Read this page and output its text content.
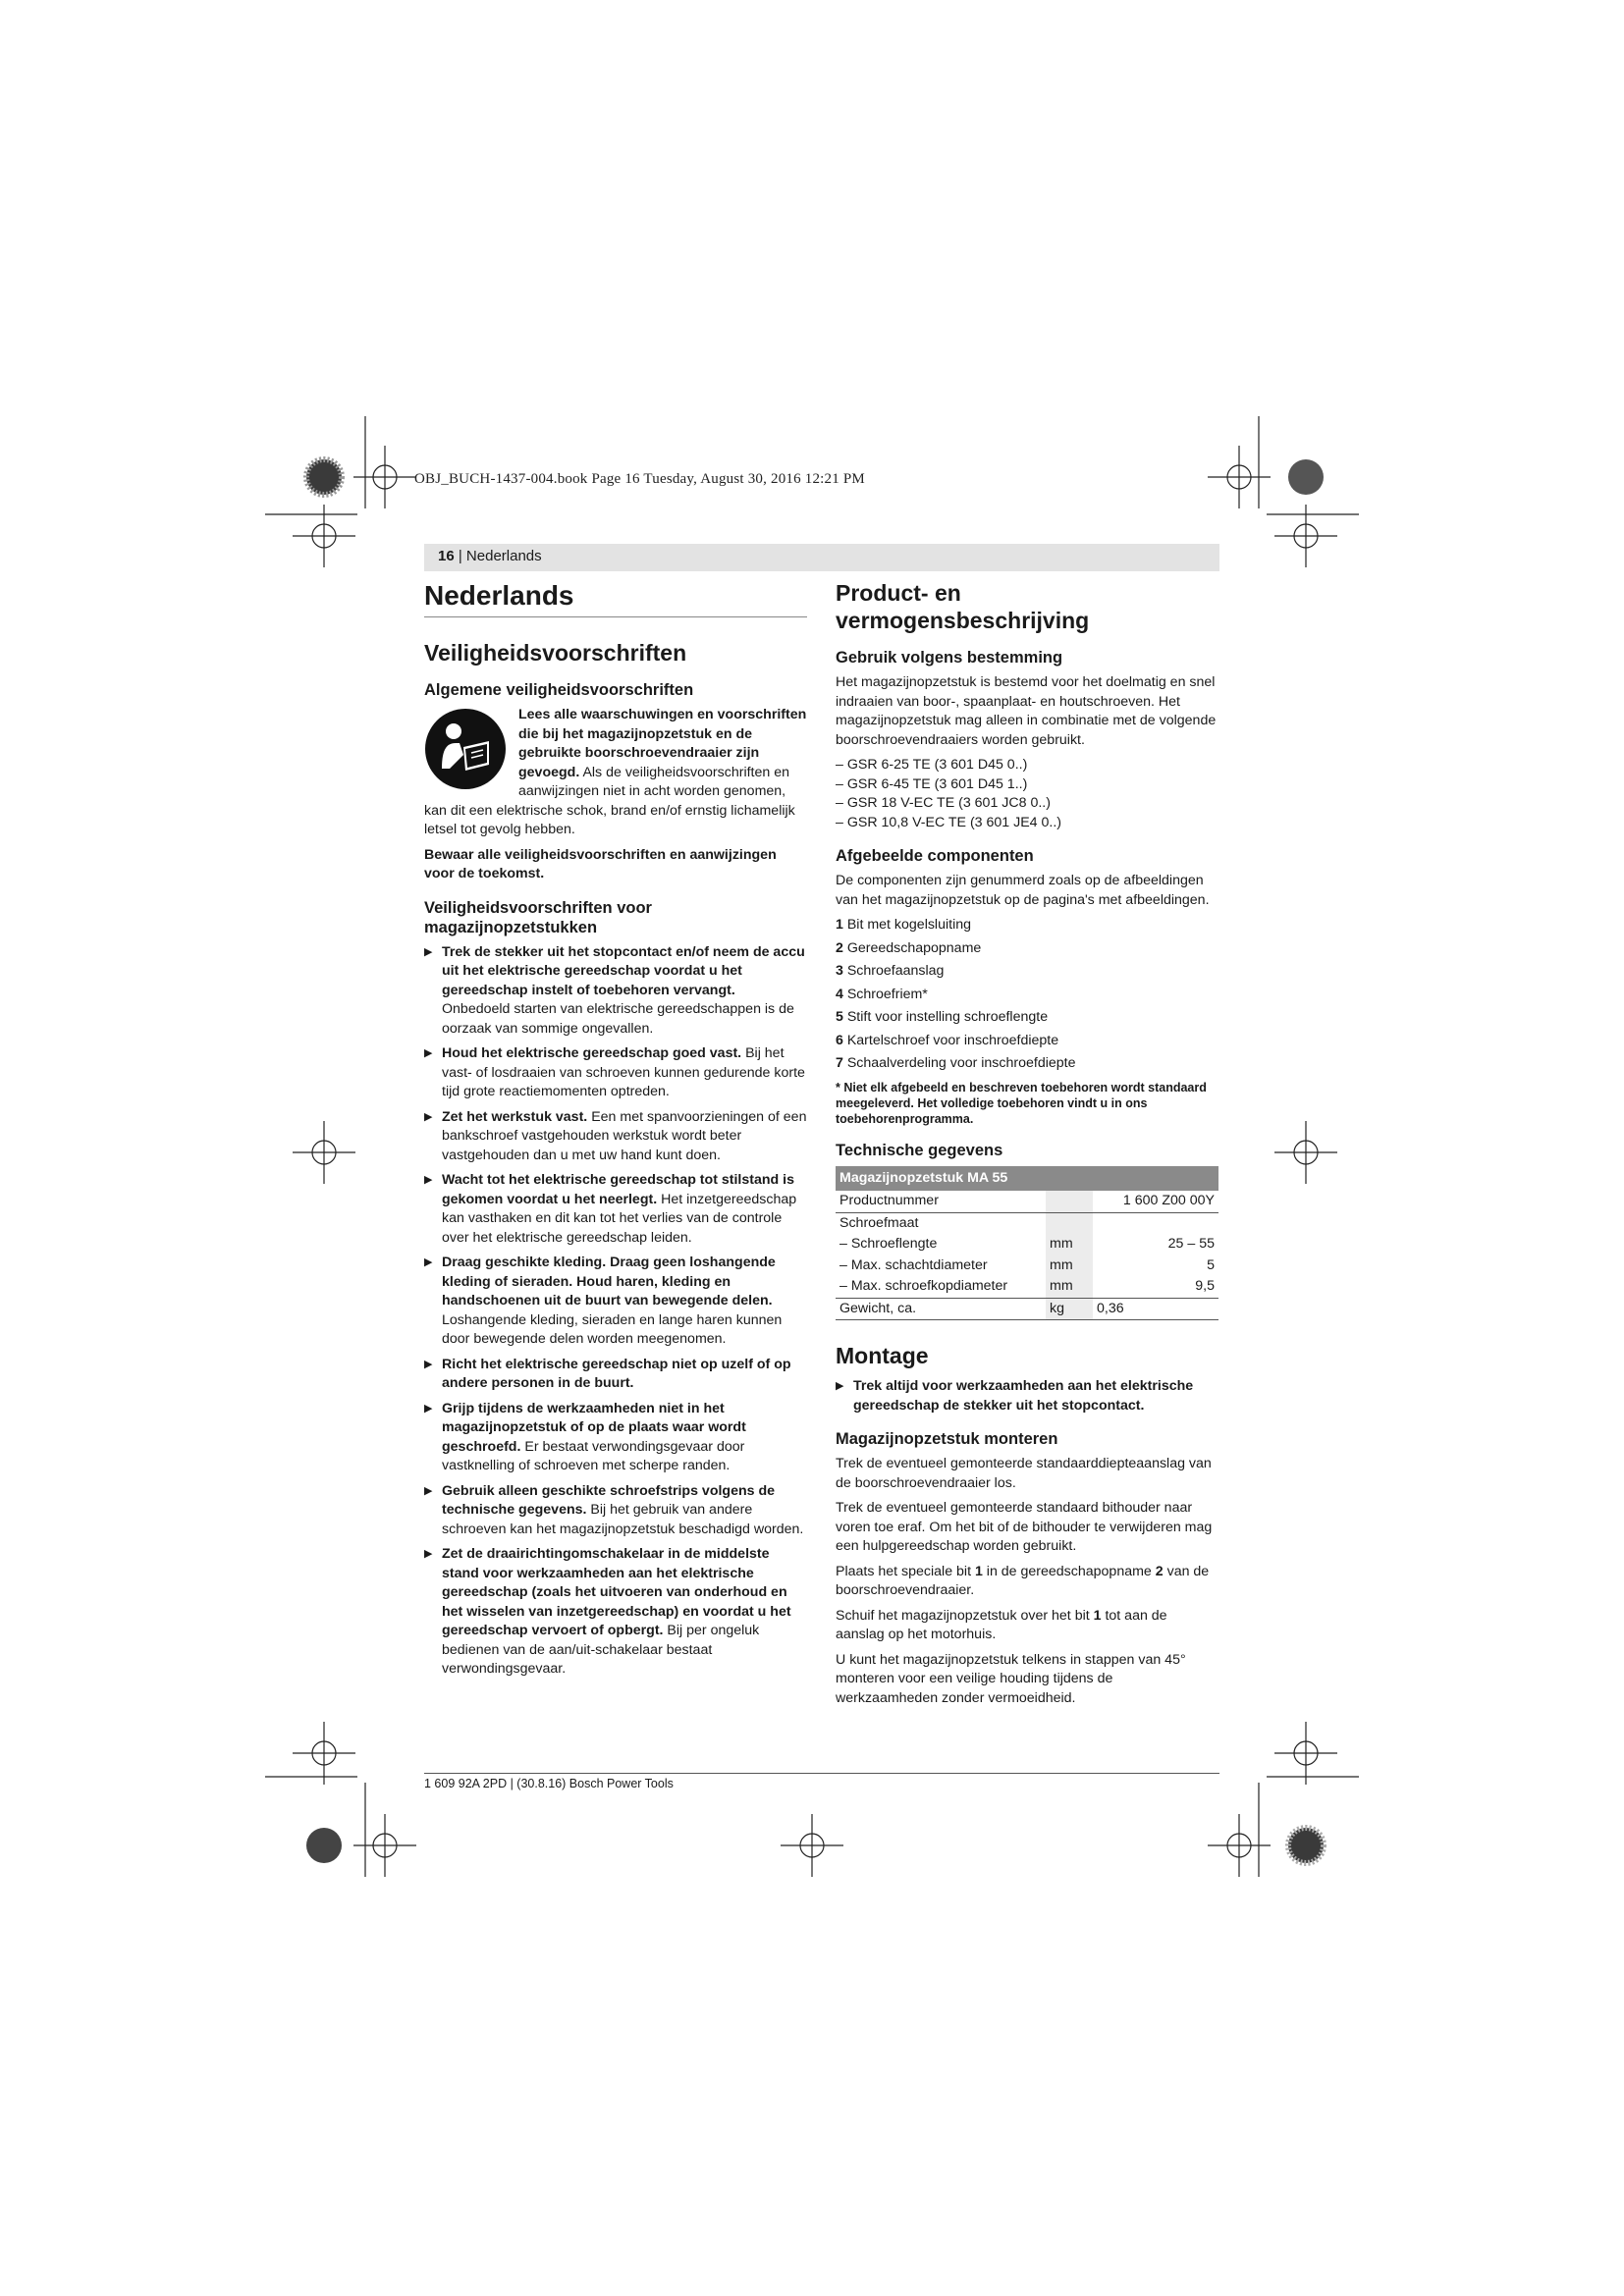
OBJ_BUCH-1437-004.book Page 16 Tuesday, August 30, 2016 12:21 PM
16 | Nederlands
Nederlands
Veiligheidsvoorschriften
Algemene veiligheidsvoorschriften

Lees alle waarschuwingen en voorschriften die bij het magazijnopzetstuk en de gebruikte boorschroevendraaier zijn gevoegd. Als de veiligheidsvoorschriften en aanwijzingen niet in acht worden genomen, kan dit een elektrische schok, brand en/of ernstig lichamelijk letsel tot gevolg hebben.

Bewaar alle veiligheidsvoorschriften en aanwijzingen voor de toekomst.

Veiligheidsvoorschriften voor magazijnopzetstukken
▶ Trek de stekker uit het stopcontact en/of neem de accu uit het elektrische gereedschap voordat u het gereedschap instelt of toebehoren vervangt. Onbedoeld starten van elektrische gereedschappen is de oorzaak van sommige ongevallen.
▶ Houd het elektrische gereedschap goed vast. Bij het vast- of losdraaien van schroeven kunnen gedurende korte tijd grote reactiemomenten optreden.
▶ Zet het werkstuk vast. Een met spanvoorzieningen of een bankschroef vastgehouden werkstuk wordt beter vastgehouden dan u met uw hand kunt doen.
▶ Wacht tot het elektrische gereedschap tot stilstand is gekomen voordat u het neerlegt. Het inzetgereedschap kan vasthaken en dit kan tot het verlies van de controle over het elektrische gereedschap leiden.
▶ Draag geschikte kleding. Draag geen loshangende kleding of sieraden. Houd haren, kleding en handschoenen uit de buurt van bewegende delen. Loshangende kleding, sieraden en lange haren kunnen door bewegende delen worden meegenomen.
▶ Richt het elektrische gereedschap niet op uzelf of op andere personen in de buurt.
▶ Grijp tijdens de werkzaamheden niet in het magazijnopzetstuk of op de plaats waar wordt geschroefd. Er bestaat verwondingsgevaar door vastknelling of schroeven met scherpe randen.
▶ Gebruik alleen geschikte schroefstrips volgens de technische gegevens. Bij het gebruik van andere schroeven kan het magazijnopzetstuk beschadigd worden.
▶ Zet de draairichtingomschakelaar in de middelste stand voor werkzaamheden aan het elektrische gereedschap (zoals het uitvoeren van onderhoud en het wisselen van inzetgereedschap) en voordat u het gereedschap vervoert of opbergt. Bij per ongeluk bedienen van de aan/uit-schakelaar bestaat verwondingsgevaar.
Product- en vermogensbeschrijving
Gebruik volgens bestemming

Het magazijnopzetstuk is bestemd voor het doelmatig en snel indraaien van boor-, spaanplaat- en houtschroeven. Het magazijnopzetstuk mag alleen in combinatie met de volgende boorschroevendraaiers worden gebruikt.

– GSR 6-25 TE (3 601 D45 0..)

– GSR 6-45 TE (3 601 D45 1..)

– GSR 18 V-EC TE (3 601 JC8 0..)

– GSR 10,8 V-EC TE (3 601 JE4 0..)

Afgebeelde componenten

De componenten zijn genummerd zoals op de afbeeldingen van het magazijnopzetstuk op de pagina's met afbeeldingen.

1 Bit met kogelsluiting

2 Gereedschapopname

3 Schroefaanslag

4 Schroefriem*

5 Stift voor instelling schroeflengte

6 Kartelschroef voor inschroefdiepte

7 Schaalverdeling voor inschroefdiepte

* Niet elk afgebeeld en beschreven toebehoren wordt standaard meegeleverd. Het volledige toebehoren vindt u in ons toebehorenprogramma.

Technische gegevens
Magazijnopzetstuk MA 55		
Productnummer		1 600 Z00 00Y
Schroefmaat		
– Schroeflengte	mm	25 – 55
– Max. schachtdiameter	mm	5
– Max. schroefkopdiameter	mm	9,5
Gewicht, ca.	kg	0,36
Montage
▶ Trek altijd voor werkzaamheden aan het elektrische gereedschap de stekker uit het stopcontact.
Magazijnopzetstuk monteren

Trek de eventueel gemonteerde standaarddiepteaanslag van de boorschroevendraaier los.

Trek de eventueel gemonteerde standaard bithouder naar voren toe eraf. Om het bit of de bithouder te verwijderen mag een hulpgereedschap worden gebruikt.

Plaats het speciale bit 1 in de gereedschapopname 2 van de boorschroevendraaier.

Schuif het magazijnopzetstuk over het bit 1 tot aan de aanslag op het motorhuis.

U kunt het magazijnopzetstuk telkens in stappen van 45° monteren voor een veilige houding tijdens de werkzaamheden zonder vermoeidheid.

1 609 92A 2PD | (30.8.16) Bosch Power Tools
